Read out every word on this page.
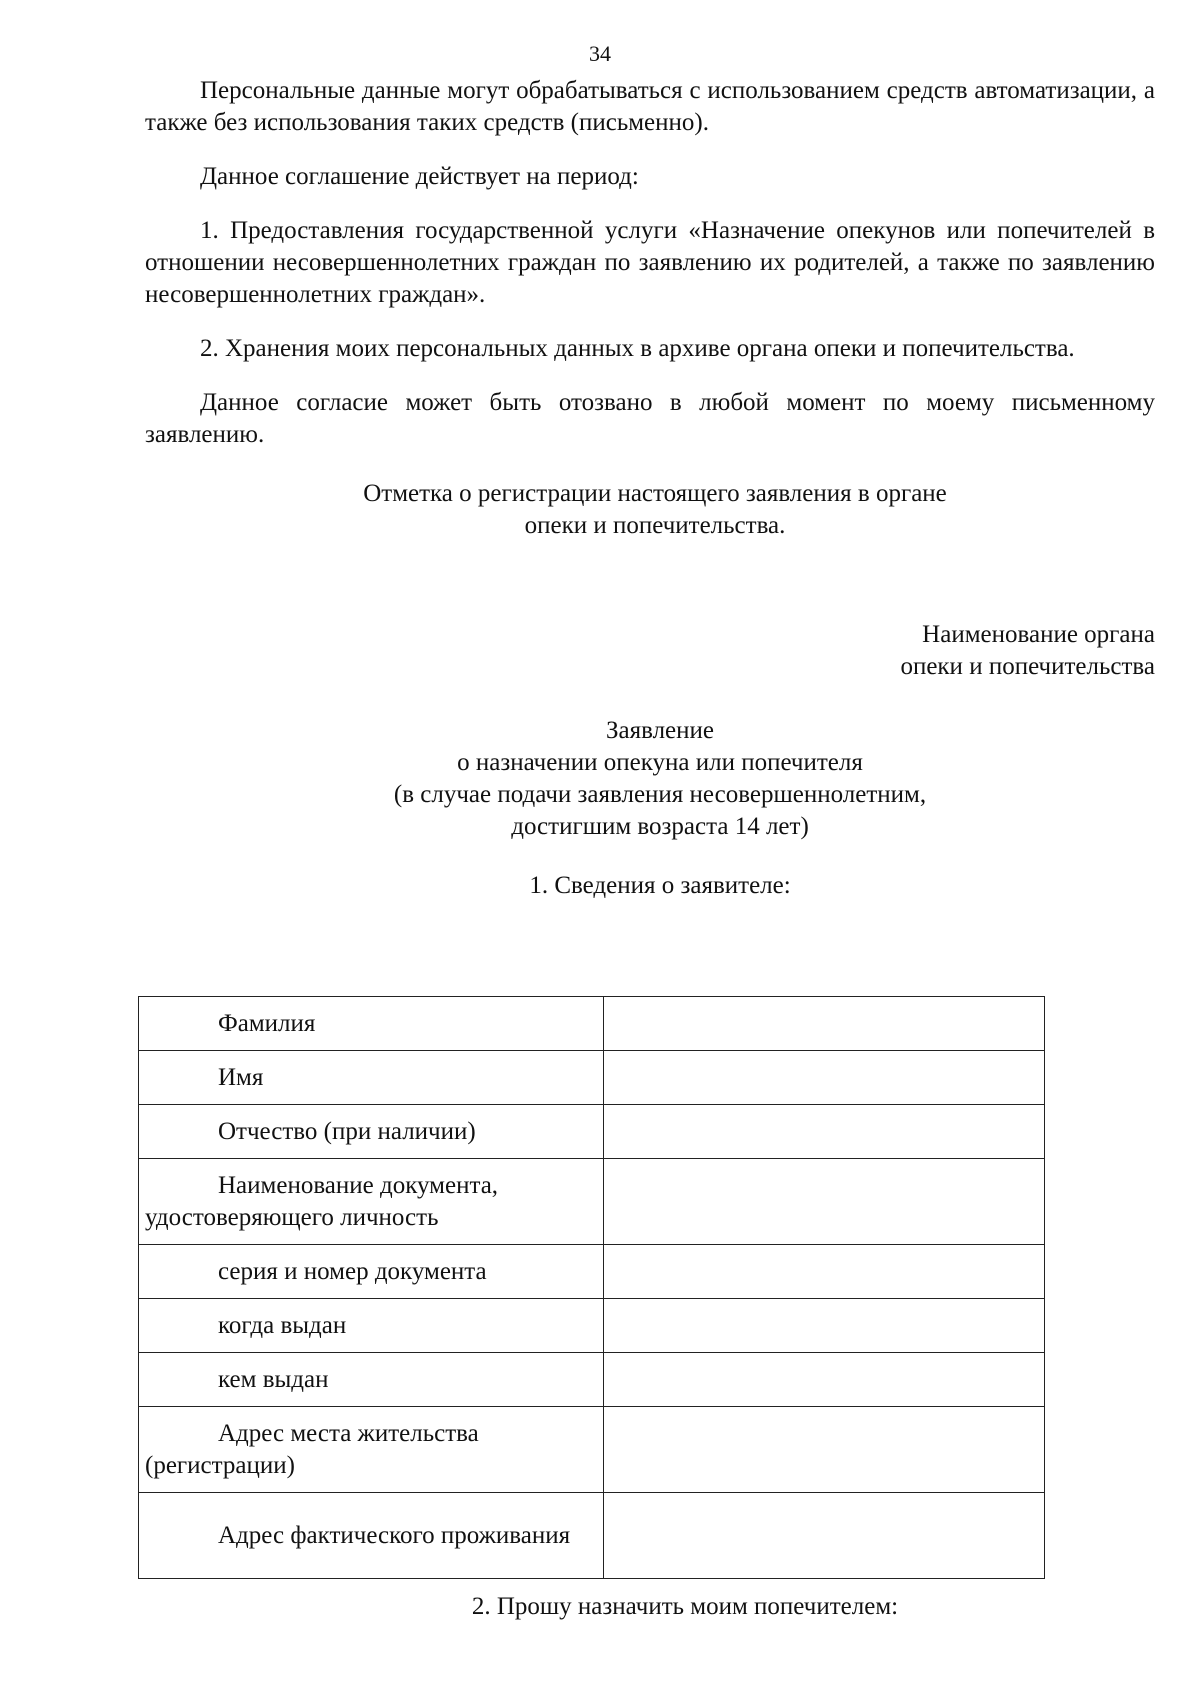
34

Персональные данные могут обрабатываться с использованием средств автоматизации, а также без использования таких средств (письменно).

Данное соглашение действует на период:

1. Предоставления государственной услуги «Назначение опекунов или попечителей в отношении несовершеннолетних граждан по заявлению их родителей, а также по заявлению несовершеннолетних граждан».

2. Хранения моих персональных данных в архиве органа опеки и попечительства.

Данное согласие может быть отозвано в любой момент по моему письменному заявлению.

Отметка о регистрации настоящего заявления в органе
опеки и попечительства.
Наименование органа
опеки и попечительства
Заявление
о назначении опекуна или попечителя
(в случае подачи заявления несовершеннолетним,
достигшим возраста 14 лет)
1. Сведения о заявителе:
Фамилия	
Имя	
Отчество (при наличии)	
Наименование документа, удостоверяющего личность	
серия и номер документа	
когда выдан	
кем выдан	
Адрес места жительства (регистрации)	
Адрес фактического проживания	
2. Прошу назначить моим попечителем:
